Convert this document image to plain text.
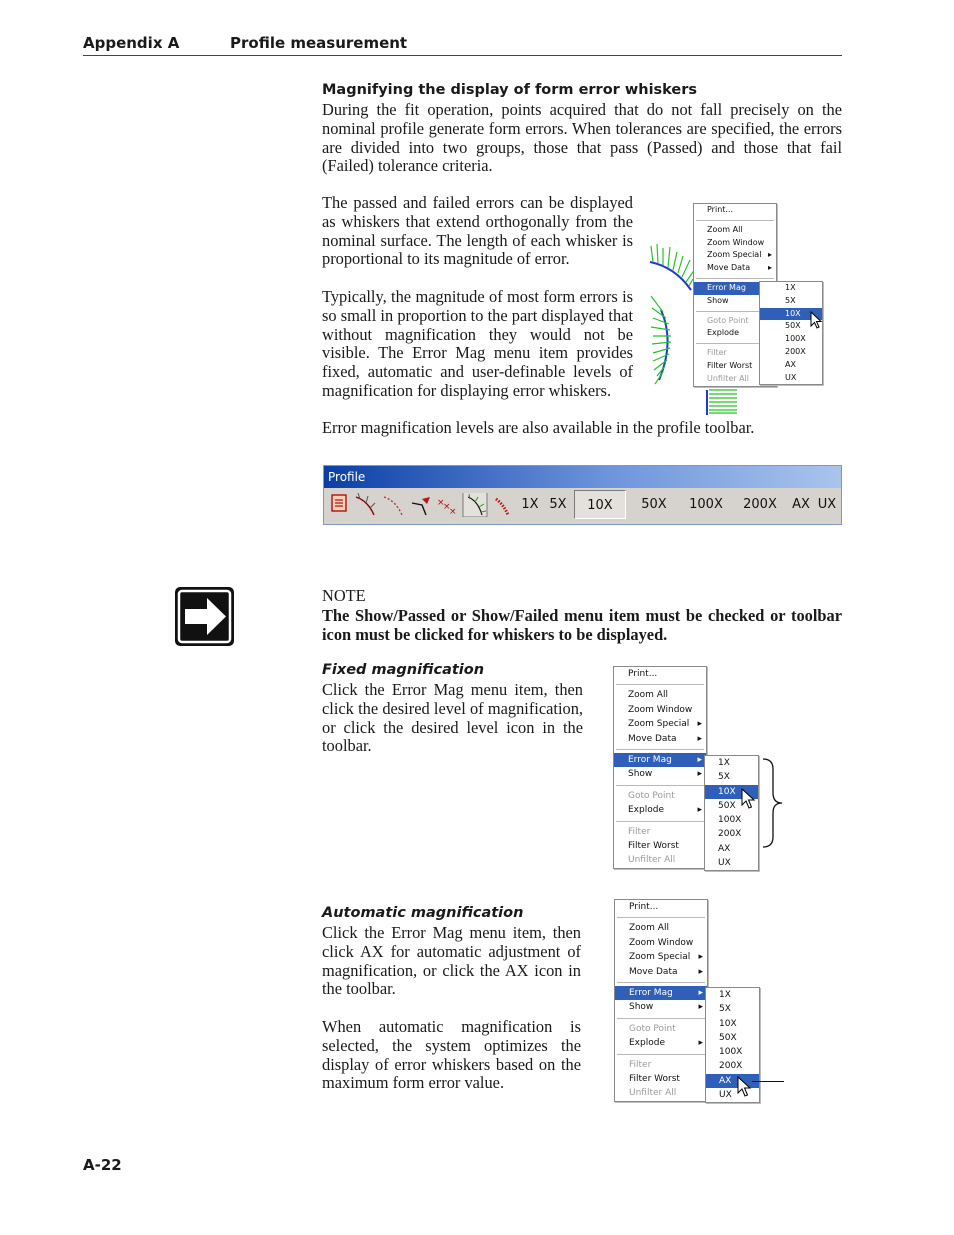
Appendix A	Profile measurement
Magnifying the display of form error whiskers
During the fit operation, points acquired that do not fall precisely on the nominal profile generate form errors. When tolerances are specified, the errors are divided into two groups, those that pass (Passed) and those that fail (Failed) tolerance criteria.
The passed and failed errors can be displayed as whiskers that extend orthogonally from the nominal surface. The length of each whisker is proportional to its magnitude of error.
Typically, the magnitude of most form errors is so small in proportion to the part displayed that without magnification they would not be visible. The Error Mag menu item provides fixed, automatic and user-definable levels of magnification for displaying error whiskers.
Error magnification levels are also available in the profile toolbar.
Print...
Zoom All
Zoom Window
Zoom Special ▸
Move Data ▸
Error Mag
Show
Goto Point
Explode
Filter
Filter Worst
Unfilter All
1X
5X
10X
50X
100X
200X
AX
UX
Profile
×
×
×	1X 5X	10X	50X	100X	200X	AX UX
NOTE
The Show/Passed or Show/Failed menu item must be checked or toolbar icon must be clicked for whiskers to be displayed.
Fixed magnification
Click the Error Mag menu item, then click the desired level of magnification, or click the desired level icon in the toolbar.
Print...
Zoom All
Zoom Window
Zoom Special ▸
Move Data ▸
Error Mag	▸
Show	▸
Goto Point
Explode	▸
Filter
Filter Worst
Unfilter All
1X
5X
10X
50X
100X
200X
AX
UX
Automatic magnification
Click the Error Mag menu item, then click AX for automatic adjustment of magnification, or click the AX icon in the toolbar.
When automatic magnification is selected, the system optimizes the display of error whiskers based on the maximum form error value.
Print...
Zoom All
Zoom Window
Zoom Special ▸
Move Data ▸
Error Mag	▸
Show	▸
Goto Point
Explode	▸
Filter
Filter Worst
Unfilter All
1X
5X
10X
50X
100X
200X
AX
UX
A-22
